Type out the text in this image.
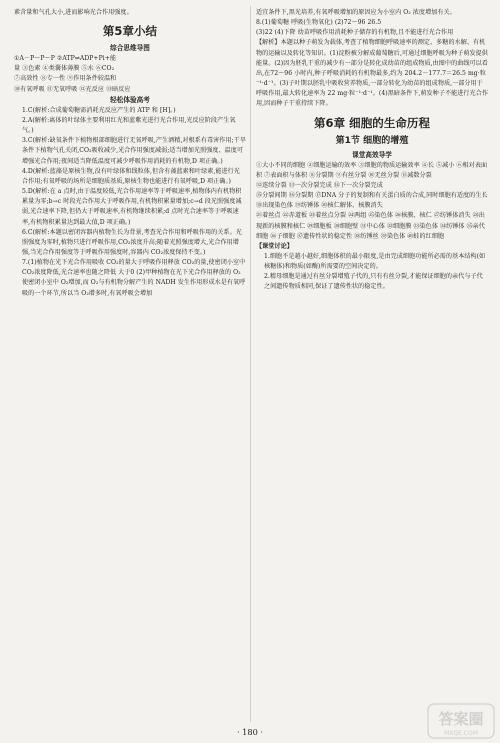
素含量和气孔大小,进而影响光合作用强度。

第5章小结
综合思维导图

①A－P～P～P ②ATP⇌ADP+Pi+能

量 ③色素 ④类囊体薄膜 ⑤水 ⑥CO₂

⑦高效性 ⑧专一性 ⑨作用条件较温和

⑩有氧呼吸 ⑪无氧呼吸 ⑫光反应 ⑬暗反应

轻松体验高考

1.C(解析:合成葡萄糖需消耗光反应产生的 ATP 和 [H]。)

2.A(解析:离体的叶绿体主要利用红光和蓝紫光进行光合作用,光反应阶段产生氧气。)

3.C(解析:缺氧条件下植物根部细胞进行无氧呼吸,产生酒精,对根系有毒害作用;干旱条件下植物气孔关闭,CO₂吸收减少,光合作用强度减弱;适当增加光照强度、温度可增强光合作用;夜间适当降低温度可减少呼吸作用消耗的有机物,D 项正确。)

4.D(解析:蓝藻是原核生物,没有叶绿体和线粒体,但含有藻蓝素和叶绿素,能进行光合作用;有氧呼吸的场所是细胞质基质,原核生物也能进行有氧呼吸,D 项正确。)

5.D(解析:在 a 点时,由于温度较低,光合作用速率等于呼吸速率,植物体内有机物积累量为零;b→c 时段光合作用大于呼吸作用,有机物积累量增加;c→d 段光照强度减弱,光合速率下降,但仍大于呼吸速率,有机物继续积累;d 点时光合速率等于呼吸速率,有机物积累量达到最大值,D 项正确。)

6.C(解析:本题以密闭容器内植物生长为背景,考查光合作用和呼吸作用的关系。光照强度为零时,植物只进行呼吸作用,CO₂浓度升高;随着光照强度增大,光合作用增强,当光合作用强度等于呼吸作用强度时,容器内 CO₂浓度保持不变。)

7.(1)植物在光下光合作用吸收 CO₂的量大于呼吸作用释放 CO₂的量,使密闭小室中 CO₂浓度降低,光合速率也随之降低 大于0 (2)甲种植物在光下光合作用释放的 O₂使密闭小室中 O₂增加,而 O₂与有机物分解产生的 NADH 发生作用形成水是有氧呼吸的一个环节,所以当 O₂增多时,有氧呼吸会增加

适宜条件下,黑光培养,有氧呼吸增加的原因应为小室内 O₂ 浓度增加有关。

8.(1)葡萄糖 呼吸(生物氧化) (2)72～96 26.5

(3)22 (4)下降 幼苗呼吸作用消耗种子储存的有机物,且不能进行光合作用

【解析】本题以种子萌发为载体,考查了植物细胞呼吸速率的测定、多糖的水解、有机物的运输以及转化等知识。(1)淀粉被分解成葡萄糖后,可通过细胞呼吸为种子萌发提供能量。(2)因为胚乳干重的减少有一部分是转化成幼苗的组成物质,由图中的曲线可以看出,在72～96 小时内,种子呼吸消耗的有机物最多,约为 204.2－177.7＝26.5 mg·粒⁻¹·d⁻¹。(3)子叶期以胚乳中吸收营养物质,一部分转化为幼苗的组成物质,一部分用于呼吸作用,最大转化速率为 22 mg·粒⁻¹·d⁻¹。(4)黑暗条件下,萌发种子不能进行光合作用,因而种子干重持续下降。

第6章 细胞的生命历程
第1节 细胞的增殖
课堂高效导学

①大小不同的细胞 ②细胞运输的效率 ③细胞的物质运输效率 ④长 ⑤减小 ⑥相对表面积 ⑦表面积与体积 ⑧分裂期 ⑨有丝分裂 ⑩无丝分裂 ⑪减数分裂

⑫连续分裂 ⑬一次分裂完成 ⑭下一次分裂完成

⑮分裂间期 ⑯分裂期 ⑰DNA 分子的复制和有关蛋白质的合成,同时细胞有适度的生长 ⑱出现染色体 ⑲纺锤体 ⑳核仁解体、核膜消失

㉑着丝点 ㉒赤道板 ㉓着丝点分裂 ㉔两组 ㉕染色体 ㉖核膜、核仁 ㉗纺锤体消失 ㉘出现新的核膜和核仁 ㉙细胞板 ㉚细胞壁 ㉛中心体 ㉜细胞膜 ㉝染色体 ㉞纺锤体 ㉟亲代细胞 ㊱子细胞 ㊲遗传性状的稳定性 ㊳纺锤丝 ㊴染色体 ㊵蛙的红细胞

【课堂讨论】

1.细胞不是越小越好,细胞体积的最小限度,是由完成细胞功能所必需的基本结构(如核糖体)和物质(如酶)所需要的空间决定的。

2.精母细胞是通过有丝分裂增殖子代的,只有有丝分裂,才能保证细胞的亲代与子代之间遗传物质相同,保证了遗传性状的稳定性。

· 180 ·
答案圈
MXQE.COM
